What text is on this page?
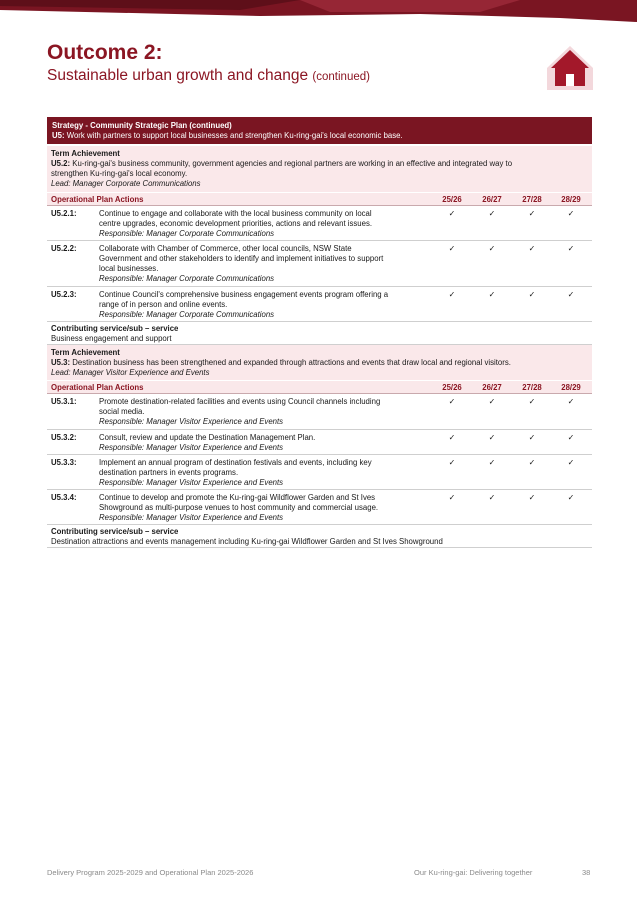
Outcome 2:
Sustainable urban growth and change (continued)
Strategy - Community Strategic Plan (continued)
U5: Work with partners to support local businesses and strengthen Ku-ring-gai's local economic base.
Term Achievement
U5.2: Ku-ring-gai's business community, government agencies and regional partners are working in an effective and integrated way to
strengthen Ku-ring-gai's local economy.
Lead: Manager Corporate Communications
Operational Plan Actions	25/26	26/27	27/28	28/29
U5.2.1:	Continue to engage and collaborate with the local business community on local
centre upgrades, economic development priorities, actions and relevant issues.
Responsible: Manager Corporate Communications
✓	✓	✓	✓
U5.2.2:	Collaborate with Chamber of Commerce, other local councils, NSW State
Government and other stakeholders to identify and implement initiatives to support
local businesses.
Responsible: Manager Corporate Communications
✓	✓	✓	✓
U5.2.3:	Continue Council's comprehensive business engagement events program offering a
range of in person and online events.
Responsible: Manager Corporate Communications
✓	✓	✓	✓
Contributing service/sub – service
Business engagement and support
Term Achievement
U5.3: Destination business has been strengthened and expanded through attractions and events that draw local and regional visitors.
Lead: Manager Visitor Experience and Events
Operational Plan Actions	25/26	26/27	27/28	28/29
U5.3.1:	Promote destination-related facilities and events using Council channels including
social media.
Responsible: Manager Visitor Experience and Events
✓	✓	✓	✓
U5.3.2:	Consult, review and update the Destination Management Plan.
Responsible: Manager Visitor Experience and Events
✓	✓	✓	✓
U5.3.3:	Implement an annual program of destination festivals and events, including key
destination partners in events programs.
Responsible: Manager Visitor Experience and Events
✓	✓	✓	✓
U5.3.4:	Continue to develop and promote the Ku-ring-gai Wildflower Garden and St Ives
Showground as multi-purpose venues to host community and commercial usage.
Responsible: Manager Visitor Experience and Events
✓	✓	✓	✓
Contributing service/sub – service
Destination attractions and events management including Ku-ring-gai Wildflower Garden and St Ives Showground
Delivery Program 2025-2029 and Operational Plan 2025-2026	Our Ku-ring-gai: Delivering together	38
